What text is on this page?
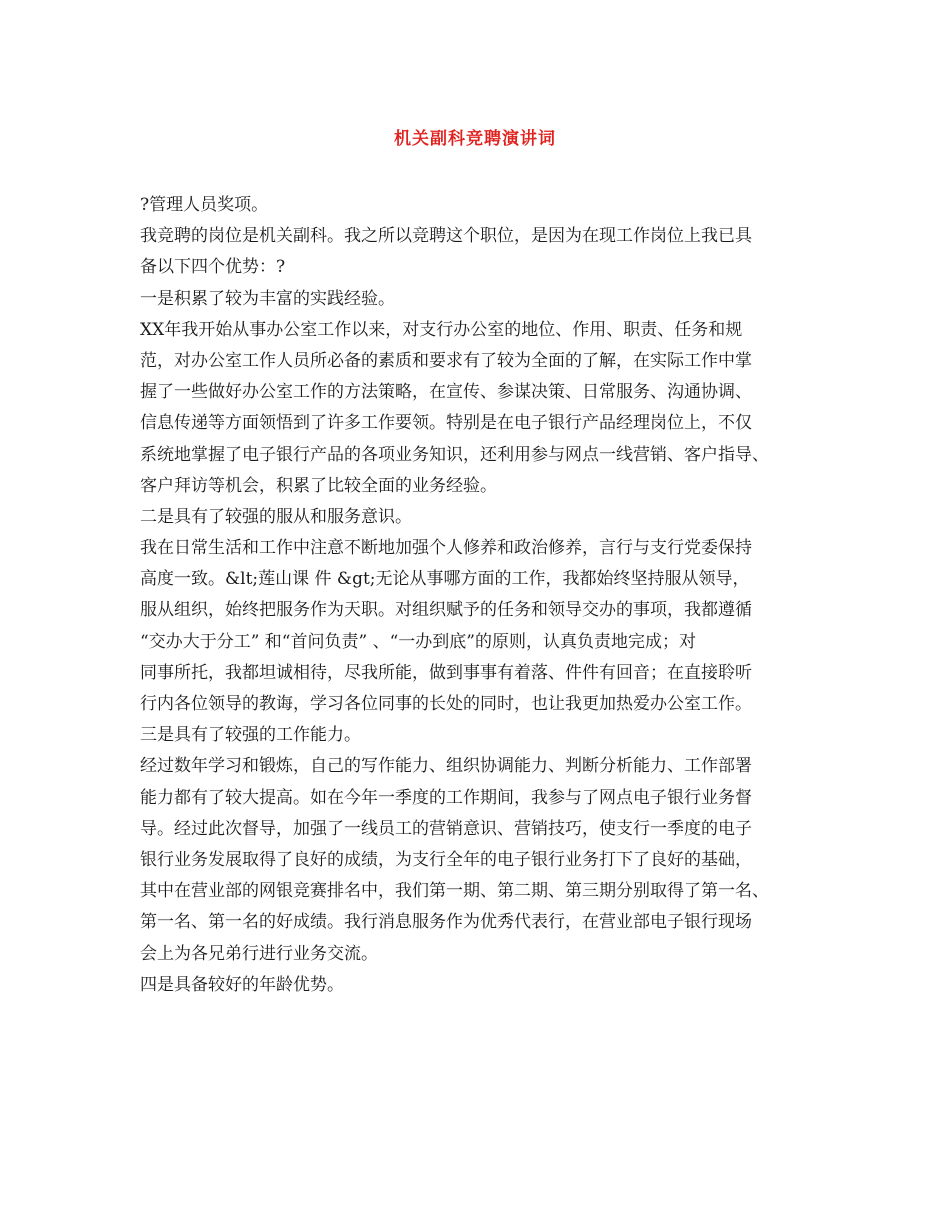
机关副科竞聘演讲词
?管理人员奖项。
我竞聘的岗位是机关副科。我之所以竞聘这个职位，是因为在现工作岗位上我已具
备以下四个优势：?
一是积累了较为丰富的实践经验。
XX年我开始从事办公室工作以来，对支行办公室的地位、作用、职责、任务和规
范，对办公室工作人员所必备的素质和要求有了较为全面的了解，在实际工作中掌
握了一些做好办公室工作的方法策略，在宣传、参谋决策、日常服务、沟通协调、
信息传递等方面领悟到了许多工作要领。特别是在电子银行产品经理岗位上，不仅
系统地掌握了电子银行产品的各项业务知识，还利用参与网点一线营销、客户指导、
客户拜访等机会，积累了比较全面的业务经验。
二是具有了较强的服从和服务意识。
我在日常生活和工作中注意不断地加强个人修养和政治修养，言行与支行党委保持
高度一致。&lt;莲山课 件 &gt;无论从事哪方面的工作，我都始终坚持服从领导，
服从组织，始终把服务作为天职。对组织赋予的任务和领导交办的事项，我都遵循
“交办大于分工” 和“首问负责” 、“一办到底”的原则，认真负责地完成；对
同事所托，我都坦诚相待，尽我所能，做到事事有着落、件件有回音；在直接聆听
行内各位领导的教诲，学习各位同事的长处的同时，也让我更加热爱办公室工作。
三是具有了较强的工作能力。
经过数年学习和锻炼，自己的写作能力、组织协调能力、判断分析能力、工作部署
能力都有了较大提高。如在今年一季度的工作期间，我参与了网点电子银行业务督
导。经过此次督导，加强了一线员工的营销意识、营销技巧，使支行一季度的电子
银行业务发展取得了良好的成绩，为支行全年的电子银行业务打下了良好的基础，
其中在营业部的网银竞赛排名中，我们第一期、第二期、第三期分别取得了第一名、
第一名、第一名的好成绩。我行消息服务作为优秀代表行，在营业部电子银行现场
会上为各兄弟行进行业务交流。
四是具备较好的年龄优势。
